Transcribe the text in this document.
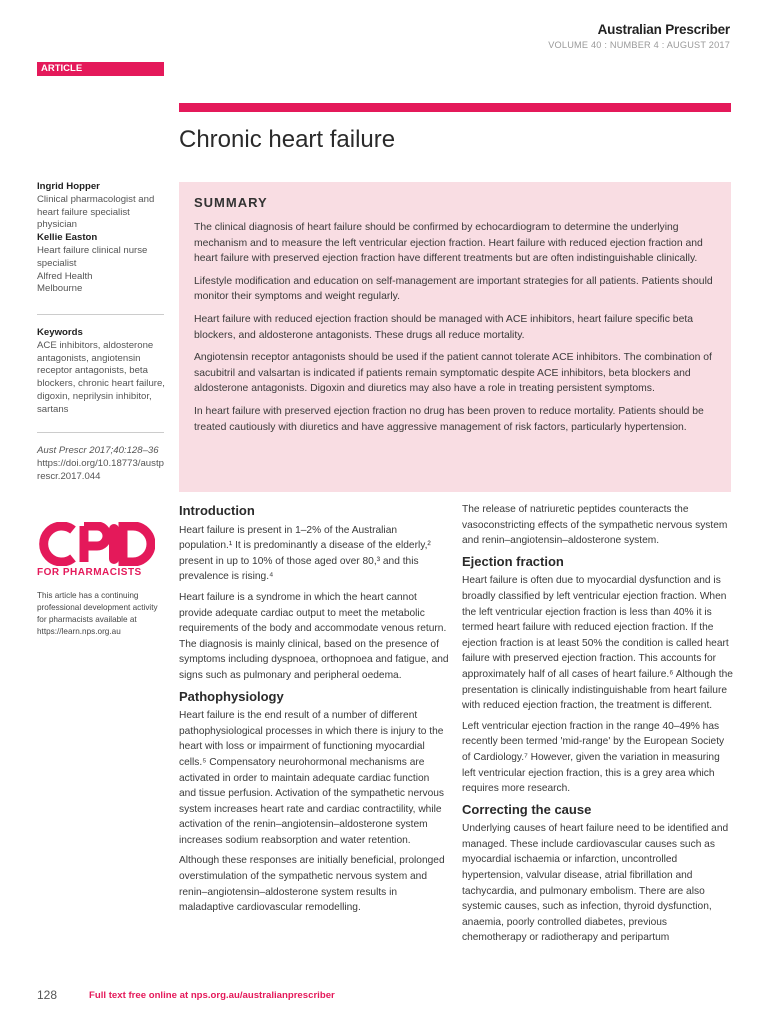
Australian Prescriber
VOLUME 40 : NUMBER 4 : AUGUST 2017
ARTICLE
Chronic heart failure
Ingrid Hopper
Clinical pharmacologist and heart failure specialist physician
Kellie Easton
Heart failure clinical nurse specialist
Alfred Health
Melbourne
Keywords
ACE inhibitors, aldosterone antagonists, angiotensin receptor antagonists, beta blockers, chronic heart failure, digoxin, neprilysin inhibitor, sartans
Aust Prescr 2017;40:128–36
https://doi.org/10.18773/austprescr.2017.044
FOR PHARMACISTS
This article has a continuing professional development activity for pharmacists available at https://learn.nps.org.au
SUMMARY

The clinical diagnosis of heart failure should be confirmed by echocardiogram to determine the underlying mechanism and to measure the left ventricular ejection fraction. Heart failure with reduced ejection fraction and heart failure with preserved ejection fraction have different treatments but are often indistinguishable clinically.

Lifestyle modification and education on self-management are important strategies for all patients. Patients should monitor their symptoms and weight regularly.

Heart failure with reduced ejection fraction should be managed with ACE inhibitors, heart failure specific beta blockers, and aldosterone antagonists. These drugs all reduce mortality.

Angiotensin receptor antagonists should be used if the patient cannot tolerate ACE inhibitors. The combination of sacubitril and valsartan is indicated if patients remain symptomatic despite ACE inhibitors, beta blockers and aldosterone antagonists. Digoxin and diuretics may also have a role in treating persistent symptoms.

In heart failure with preserved ejection fraction no drug has been proven to reduce mortality. Patients should be treated cautiously with diuretics and have aggressive management of risk factors, particularly hypertension.

Introduction

Heart failure is present in 1–2% of the Australian population.¹ It is predominantly a disease of the elderly,² present in up to 10% of those aged over 80,³ and this prevalence is rising.⁴

Heart failure is a syndrome in which the heart cannot provide adequate cardiac output to meet the metabolic requirements of the body and accommodate venous return. The diagnosis is mainly clinical, based on the presence of symptoms including dyspnoea, orthopnoea and fatigue, and signs such as pulmonary and peripheral oedema.

Pathophysiology

Heart failure is the end result of a number of different pathophysiological processes in which there is injury to the heart with loss or impairment of functioning myocardial cells.⁵ Compensatory neurohormonal mechanisms are activated in order to maintain adequate cardiac function and tissue perfusion. Activation of the sympathetic nervous system increases heart rate and cardiac contractility, while activation of the renin–angiotensin–aldosterone system increases sodium reabsorption and water retention.

Although these responses are initially beneficial, prolonged overstimulation of the sympathetic nervous system and renin–angiotensin–aldosterone system results in maladaptive cardiovascular remodelling.

The release of natriuretic peptides counteracts the vasoconstricting effects of the sympathetic nervous system and renin–angiotensin–aldosterone system.

Ejection fraction

Heart failure is often due to myocardial dysfunction and is broadly classified by left ventricular ejection fraction. When the left ventricular ejection fraction is less than 40% it is termed heart failure with reduced ejection fraction. If the ejection fraction is at least 50% the condition is called heart failure with preserved ejection fraction. This accounts for approximately half of all cases of heart failure.⁶ Although the presentation is clinically indistinguishable from heart failure with reduced ejection fraction, the treatment is different.

Left ventricular ejection fraction in the range 40–49% has recently been termed 'mid-range' by the European Society of Cardiology.⁷ However, given the variation in measuring left ventricular ejection fraction, this is a grey area which requires more research.

Correcting the cause

Underlying causes of heart failure need to be identified and managed. These include cardiovascular causes such as myocardial ischaemia or infarction, uncontrolled hypertension, valvular disease, atrial fibrillation and tachycardia, and pulmonary embolism. There are also systemic causes, such as infection, thyroid dysfunction, anaemia, poorly controlled diabetes, previous chemotherapy or radiotherapy and peripartum

128	Full text free online at nps.org.au/australianprescriber
